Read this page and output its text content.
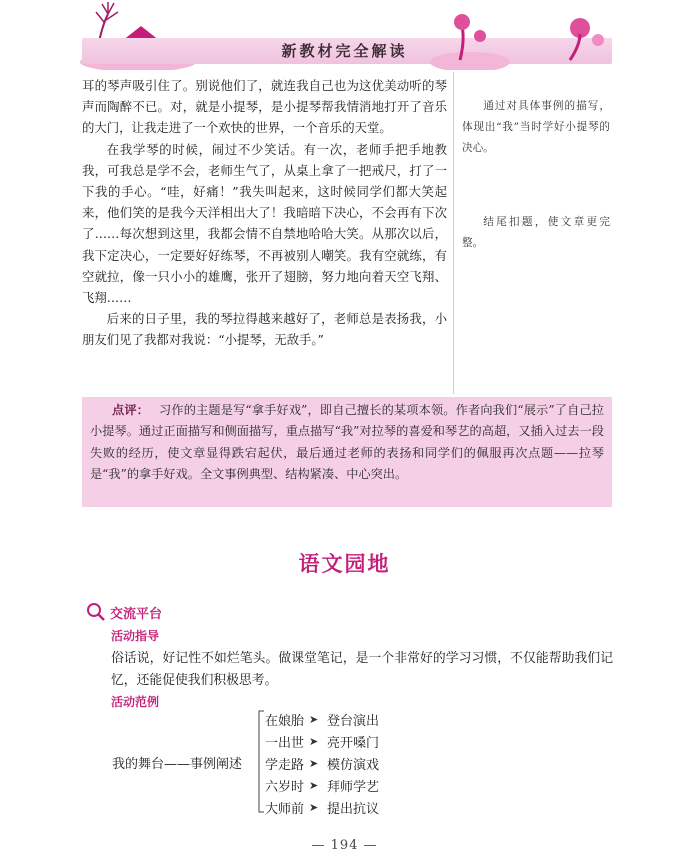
新教材完全解读

耳的琴声吸引住了。别说他们了，就连我自己也为这优美动听的琴声而陶醉不已。对，就是小提琴，是小提琴帮我情消地打开了音乐的大门，让我走进了一个欢快的世界，一个音乐的天堂。

在我学琴的时候，闹过不少笑话。有一次，老师手把手地教我，可我总是学不会，老师生气了，从桌上拿了一把戒尺，打了一下我的手心。“哇，好痛！”我失叫起来，这时候同学们都大笑起来，他们笑的是我今天洋相出大了！我暗暗下决心，不会再有下次了……每次想到这里，我都会情不自禁地哈哈大笑。从那次以后，我下定决心，一定要好好练琴，不再被别人嘲笑。我有空就练，有空就拉，像一只小小的雄鹰，张开了翅膀，努力地向着天空飞翔、飞翔……

后来的日子里，我的琴拉得越来越好了，老师总是表扬我，小朋友们见了我都对我说：“小提琴，无敌手。”

通过对具体事例的描写，体现出“我”当时学好小提琴的决心。
结尾扣题，使文章更完整。
点评： 习作的主题是写“拿手好戏”，即自己擅长的某项本领。作者向我们“展示”了自己拉小提琴。通过正面描写和侧面描写，重点描写“我”对拉琴的喜爱和琴艺的高超，又插入过去一段失败的经历，使文章显得跌宕起伏，最后通过老师的表扬和同学们的佩服再次点题——拉琴是“我”的拿手好戏。全文事例典型、结构紧凑、中心突出。
语文园地
交流平台
活动指导
俗话说，好记性不如烂笔头。做课堂笔记，是一个非常好的学习习惯，不仅能帮助我们记忆，还能促使我们积极思考。
活动范例
我的舞台——事例阐述
在娘胎 ➤ 登台演出
一出世 ➤ 亮开嗓门
学走路 ➤ 模仿演戏
六岁时 ➤ 拜师学艺
大师前 ➤ 提出抗议
— 194 —
